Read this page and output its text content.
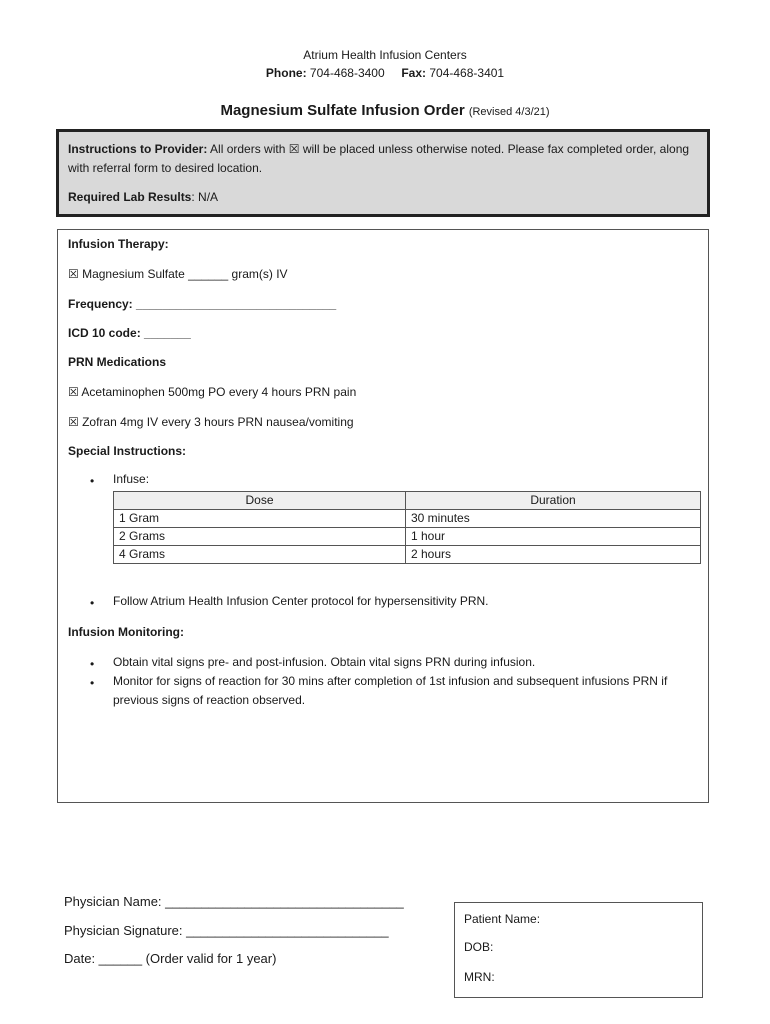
Atrium Health Infusion Centers
Phone: 704-468-3400 Fax: 704-468-3401
Magnesium Sulfate Infusion Order (Revised 4/3/21)

Instructions to Provider: All orders with ☒ will be placed unless otherwise noted. Please fax completed order, along with referral form to desired location.

Required Lab Results: N/A

Infusion Therapy:
☒ Magnesium Sulfate ______ gram(s) IV
Frequency: ______________________________
ICD 10 code: _______
PRN Medications
☒ Acetaminophen 500mg PO every 4 hours PRN pain
☒ Zofran 4mg IV every 3 hours PRN nausea/vomiting
Special Instructions:
• Infuse:
Dose	Duration
1 Gram	30 minutes
2 Grams	1 hour
4 Grams	2 hours
• Follow Atrium Health Infusion Center protocol for hypersensitivity PRN.
Infusion Monitoring:
• Obtain vital signs pre- and post-infusion. Obtain vital signs PRN during infusion.
• Monitor for signs of reaction for 30 mins after completion of 1st infusion and subsequent infusions PRN if previous signs of reaction observed.
Physician Name: _________________________________
Physician Signature: ____________________________
Date: ______ (Order valid for 1 year)
Patient Name:
DOB:
MRN:
